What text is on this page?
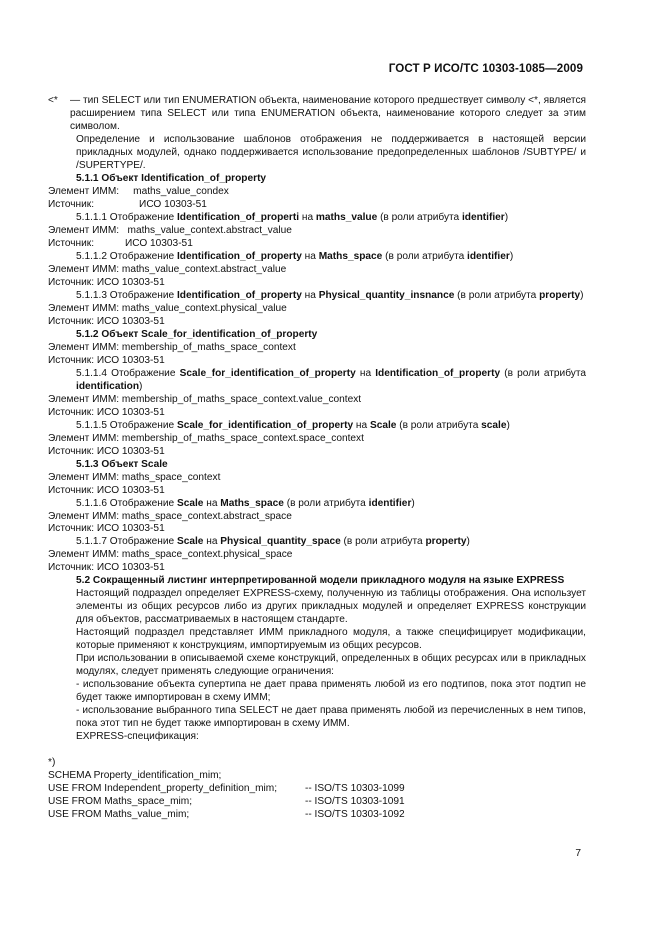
ГОСТ Р ИСО/ТС 10303-1085—2009
<*	— тип SELECT или тип ENUMERATION объекта, наименование которого предшествует символу <*, является расширением типа SELECT или типа ENUMERATION объекта, наименование которого следует за этим символом.

Определение и использование шаблонов отображения не поддерживается в настоящей версии прикладных модулей, однако поддерживается использование предопределенных шаблонов /SUBTYPE/ и /SUPERTYPE/.

5.1.1 Объект Identification_of_property

Элемент ИММ:     maths_value_condex

Источник:                ИСО 10303-51

5.1.1.1 Отображение Identification_of_properti на maths_value (в роли атрибута identifier)

Элемент ИММ:   maths_value_context.abstract_value

Источник:           ИСО 10303-51

5.1.1.2 Отображение Identification_of_property на Maths_space (в роли атрибута identifier)

Элемент ИММ: maths_value_context.abstract_value

Источник: ИСО 10303-51

5.1.1.3 Отображение Identification_of_property на Physical_quantity_insnance (в роли атрибута property)

Элемент ИММ: maths_value_context.physical_value

Источник: ИСО 10303-51

5.1.2 Объект Scale_for_identification_of_property

Элемент ИММ: membership_of_maths_space_context

Источник: ИСО 10303-51

5.1.1.4 Отображение Scale_for_identification_of_property на Identification_of_property (в роли атрибута identification)

Элемент ИММ: membership_of_maths_space_context.value_context

Источник: ИСО 10303-51

5.1.1.5 Отображение Scale_for_identification_of_property на Scale (в роли атрибута scale)

Элемент ИММ: membership_of_maths_space_context.space_context

Источник: ИСО 10303-51

5.1.3 Объект Scale

Элемент ИММ: maths_space_context

Источник: ИСО 10303-51

5.1.1.6 Отображение Scale на Maths_space (в роли атрибута identifier)

Элемент ИММ: maths_space_context.abstract_space

Источник: ИСО 10303-51

5.1.1.7 Отображение Scale на Physical_quantity_space (в роли атрибута property)

Элемент ИММ: maths_space_context.physical_space

Источник: ИСО 10303-51

5.2 Сокращенный листинг интерпретированной модели прикладного модуля на языке EXPRESS

Настоящий подраздел определяет EXPRESS-схему, полученную из таблицы отображения. Она использует элементы из общих ресурсов либо из других прикладных модулей и определяет EXPRESS конструкции для объектов, рассматриваемых в настоящем стандарте.

Настоящий подраздел представляет ИММ прикладного модуля, а также специфицирует модификации, которые применяют к конструкциям, импортируемым из общих ресурсов.

При использовании в описываемой схеме конструкций, определенных в общих ресурсах или в прикладных модулях, следует применять следующие ограничения:

- использование объекта супертипа не дает права применять любой из его подтипов, пока этот подтип не будет также импортирован в схему ИММ;

- использование выбранного типа SELECT не дает права применять любой из перечисленных в нем типов, пока этот тип не будет также импортирован в схему ИММ.

EXPRESS-спецификация:

*)

SCHEMA Property_identification_mim;

USE FROM Independent_property_definition_mim;	-- ISO/TS 10303-1099

USE FROM Maths_space_mim;	-- ISO/TS 10303-1091

USE FROM Maths_value_mim;	-- ISO/TS 10303-1092

7
